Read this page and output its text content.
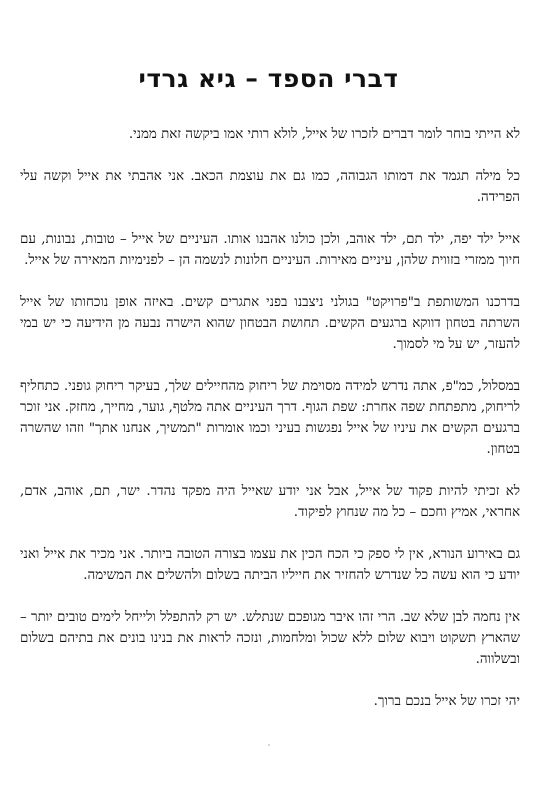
דברי הספד – גיא גרדי

לא הייתי בוחר לומר דברים לזכרו של אייל, לולא רותי אמו ביקשה זאת ממני.

כל מילה תגמד את דמותו הגבוהה, כמו גם את עוצמת הכאב. אני אהבתי את אייל וקשה עלי הפרידה.

אייל ילד יפה, ילד תם, ילד אוהב, ולכן כולנו אהבנו אותו. העיניים של אייל – טובות, נבונות, עם חיוך ממזרי בזווית שלהן, עיניים מאירות. העיניים חלונות לנשמה הן – לפנימיות המאירה של אייל.

בדרכנו המשותפת ב"פרויקט" בגולני ניצבנו בפני אתגרים קשים. באיזה אופן נוכחותו של אייל השרתה בטחון דווקא ברגעים הקשים. תחושת הבטחון שהוא הישרה נבעה מן הידיעה כי יש במי להעזר, יש על מי לסמוך.

במסלול, כמ"פ, אתה נדרש למידה מסוימת של ריחוק מהחיילים שלך, בעיקר ריחוק גופני. כתחליף לריחוק, מתפתחת שפה אחרת: שפת הגוף. דרך העיניים אתה מלטף, גוער, מחייך, מחזק. אני זוכר ברגעים הקשים את עיניו של אייל נפגשות בעיני וכמו אומרות "תמשיך, אנחנו אתך" וזהו שהשרה בטחון.

לא זכיתי להיות פקוד של אייל, אבל אני יודע שאייל היה מפקד נהדר. ישר, תם, אוהב, אדם, אחראי, אמיץ וחכם – כל מה שנחוץ לפיקוד.

גם באירוע הנורא, אין לי ספק כי הכח הכין את עצמו בצורה הטובה ביותר. אני מכיר את אייל ואני יודע כי הוא עשה כל שנדרש להחזיר את חייליו הביתה בשלום ולהשלים את המשימה.

אין נחמה לבן שלא שב. הרי זהו איבר מגופכם שנתלש. יש רק להתפלל ולייחל לימים טובים יותר – שהארץ תשקוט ויבוא שלום ללא שכול ומלחמות, ונזכה לראות את בנינו בונים את בתיהם בשלום ובשלווה.

יהי זכרו של אייל בנכם ברוך.
